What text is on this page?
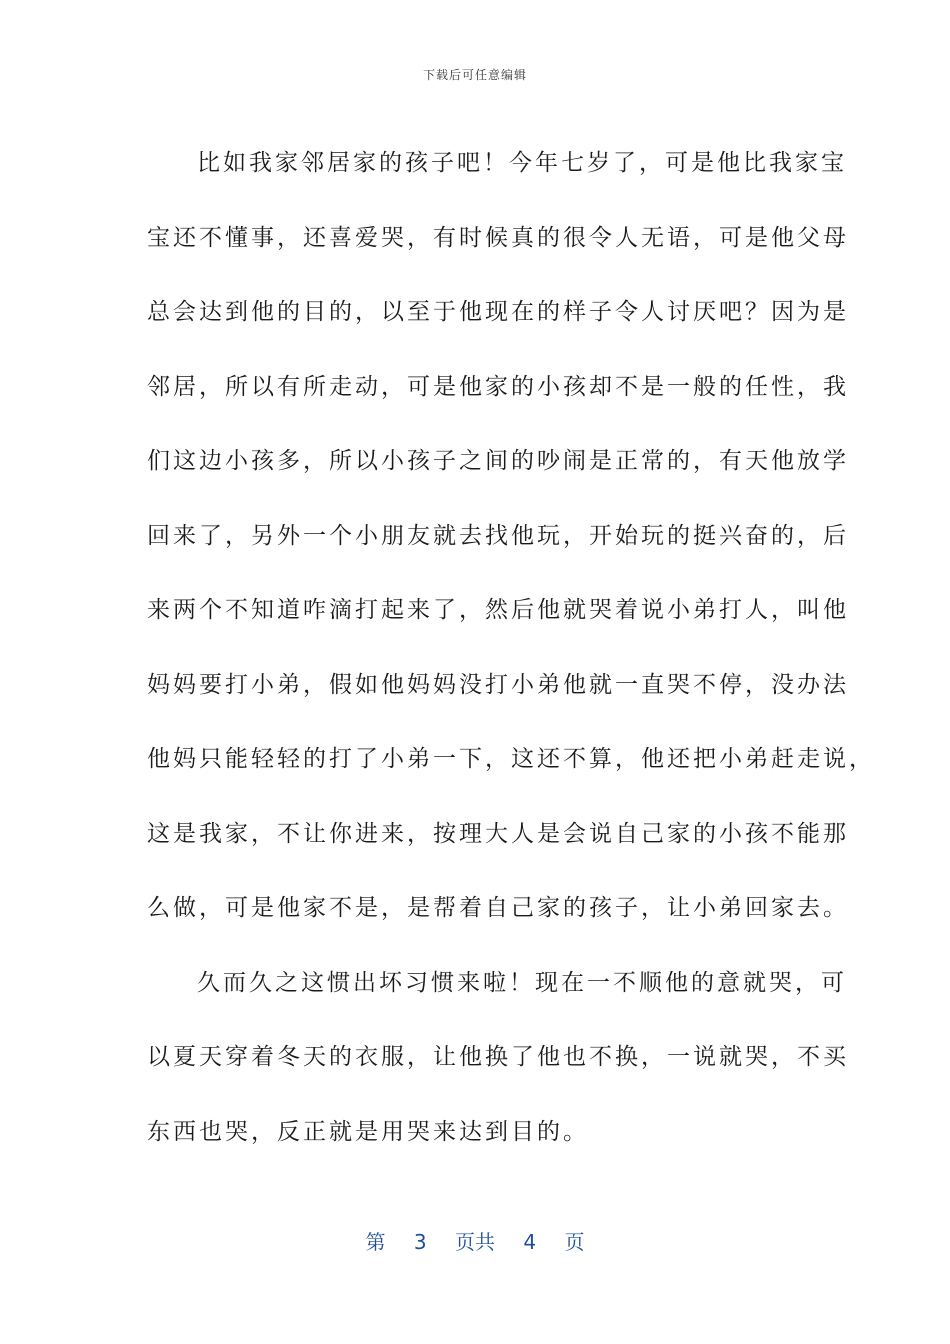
下载后可任意编辑
比如我家邻居家的孩子吧！今年七岁了，可是他比我家宝
宝还不懂事，还喜爱哭，有时候真的很令人无语，可是他父母
总会达到他的目的，以至于他现在的样子令人讨厌吧？因为是
邻居，所以有所走动，可是他家的小孩却不是一般的任性，我
们这边小孩多，所以小孩子之间的吵闹是正常的，有天他放学
回来了，另外一个小朋友就去找他玩，开始玩的挺兴奋的，后
来两个不知道咋滴打起来了，然后他就哭着说小弟打人，叫他
妈妈要打小弟，假如他妈妈没打小弟他就一直哭不停，没办法
他妈只能轻轻的打了小弟一下，这还不算，他还把小弟赶走说，
这是我家，不让你进来，按理大人是会说自己家的小孩不能那
么做，可是他家不是，是帮着自己家的孩子，让小弟回家去。
久而久之这惯出坏习惯来啦！现在一不顺他的意就哭，可
以夏天穿着冬天的衣服，让他换了他也不换，一说就哭，不买
东西也哭，反正就是用哭来达到目的。
第 3 页共 4 页
